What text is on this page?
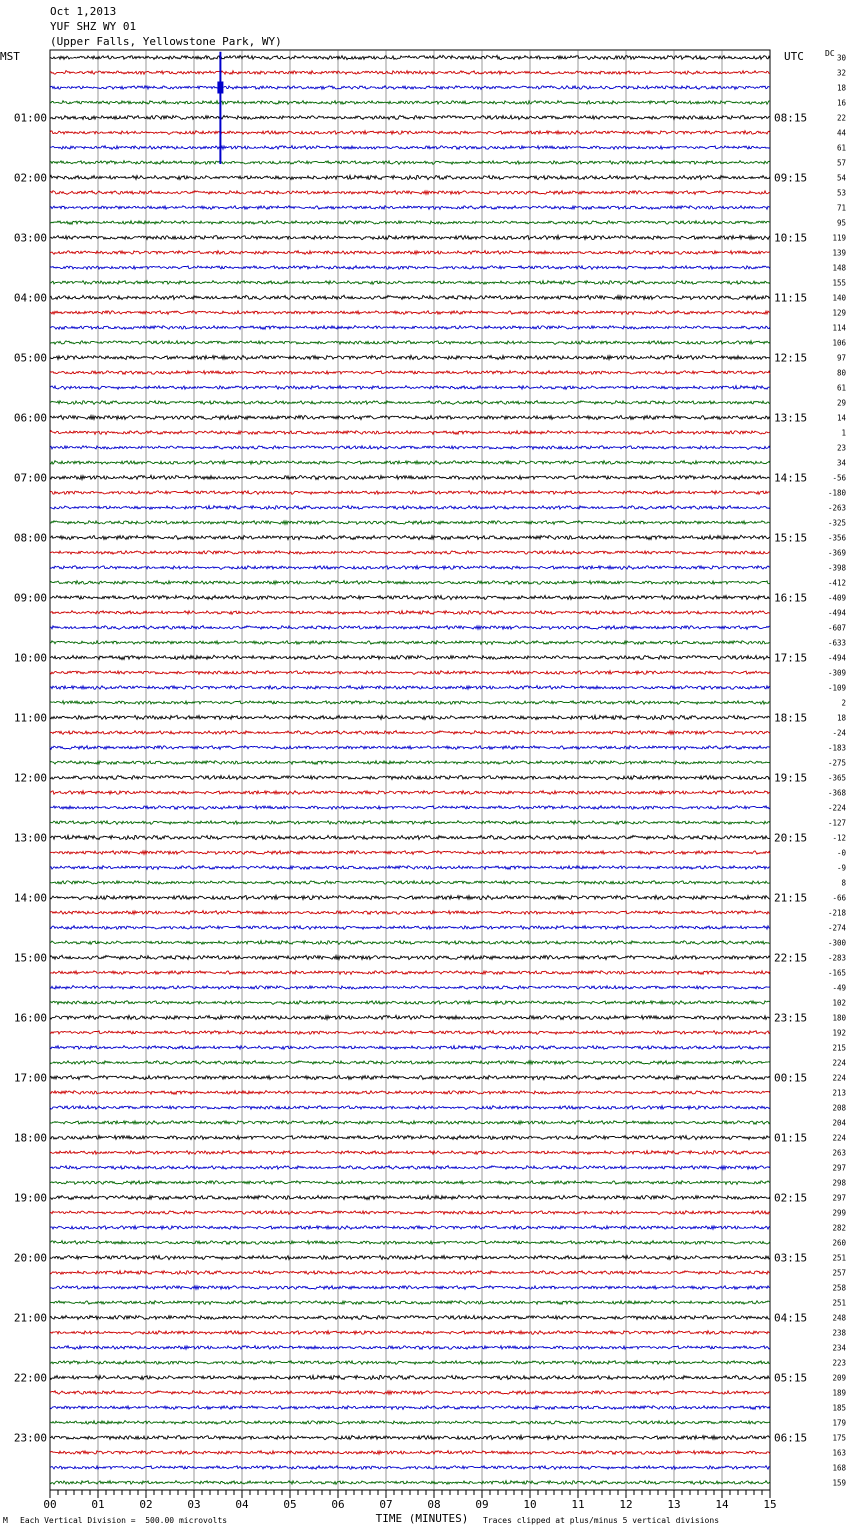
Oct 1,2013
YUF SHZ WY 01
(Upper Falls, Yellowstone Park, WY)
MST	UTC	DC
00	01	02	03	04	05	06	07	08	09	10	11	12	13	14	15
01:00
02:00
03:00
04:00
05:00
06:00
07:00
08:00
09:00
10:00
11:00
12:00
13:00
14:00
15:00
16:00
17:00
18:00
19:00
20:00
21:00
22:00
23:00
08:15
09:15
10:15
11:15
12:15
13:15
14:15
15:15
16:15
17:15
18:15
19:15
20:15
21:15
22:15
23:15
00:15
01:15
02:15
03:15
04:15
05:15
06:15
30
32
18
16
22
44
61
57
54
53
71
95
119
139
148
155
140
129
114
106
97
80
61
29
14
1
23
34
-56
-180
-263
-325
-356
-369
-398
-412
-409
-494
-607
-633
-494
-309
-109
2
18
-24
-183
-275
-365
-368
-224
-127
-12
-0
-9
8
-66
-218
-274
-300
-283
-165
-49
102
180
192
215
224
224
213
208
204
224
263
297
298
297
299
282
260
251
257
258
251
248
238
234
223
209
189
185
179
175
163
168
159
TIME (MINUTES)
M Each Vertical Division =  500.00 microvolts	Traces clipped at plus/minus 5 vertical divisions
